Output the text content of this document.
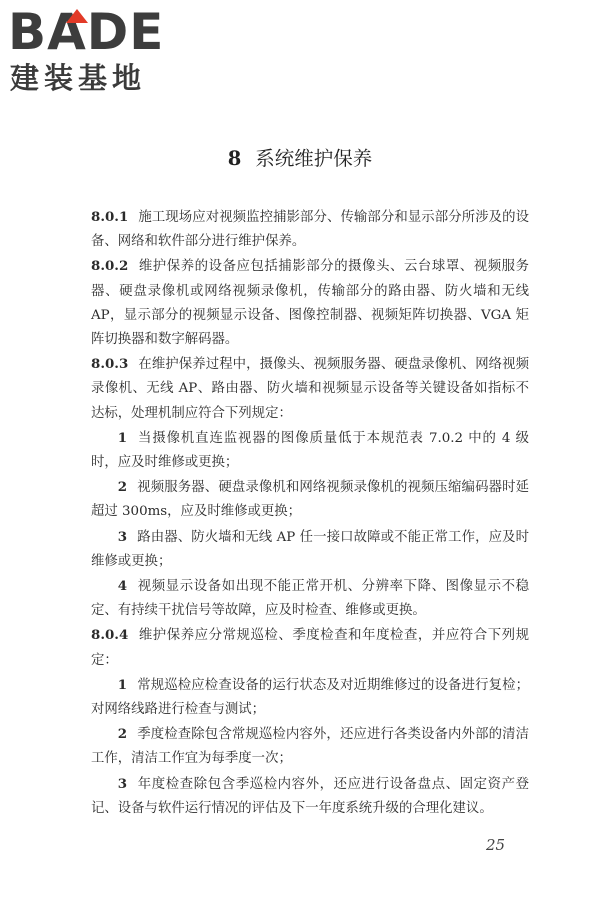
BADE
建装基地
8 系统维护保养

8.0.1 施工现场应对视频监控捕影部分、传输部分和显示部分所涉及的设备、网络和软件部分进行维护保养。

8.0.2 维护保养的设备应包括捕影部分的摄像头、云台球罩、视频服务器、硬盘录像机或网络视频录像机，传输部分的路由器、防火墙和无线 AP，显示部分的视频显示设备、图像控制器、视频矩阵切换器、VGA 矩阵切换器和数字解码器。

8.0.3 在维护保养过程中，摄像头、视频服务器、硬盘录像机、网络视频录像机、无线 AP、路由器、防火墙和视频显示设备等关键设备如指标不达标，处理机制应符合下列规定：

1 当摄像机直连监视器的图像质量低于本规范表 7.0.2 中的 4 级时，应及时维修或更换；

2 视频服务器、硬盘录像机和网络视频录像机的视频压缩编码器时延超过 300ms，应及时维修或更换；

3 路由器、防火墙和无线 AP 任一接口故障或不能正常工作，应及时维修或更换；

4 视频显示设备如出现不能正常开机、分辨率下降、图像显示不稳定、有持续干扰信号等故障，应及时检查、维修或更换。

8.0.4 维护保养应分常规巡检、季度检查和年度检查，并应符合下列规定：

1 常规巡检应检查设备的运行状态及对近期维修过的设备进行复检；对网络线路进行检查与测试；

2 季度检查除包含常规巡检内容外，还应进行各类设备内外部的清洁工作，清洁工作宜为每季度一次；

3 年度检查除包含季巡检内容外，还应进行设备盘点、固定资产登记、设备与软件运行情况的评估及下一年度系统升级的合理化建议。

25
